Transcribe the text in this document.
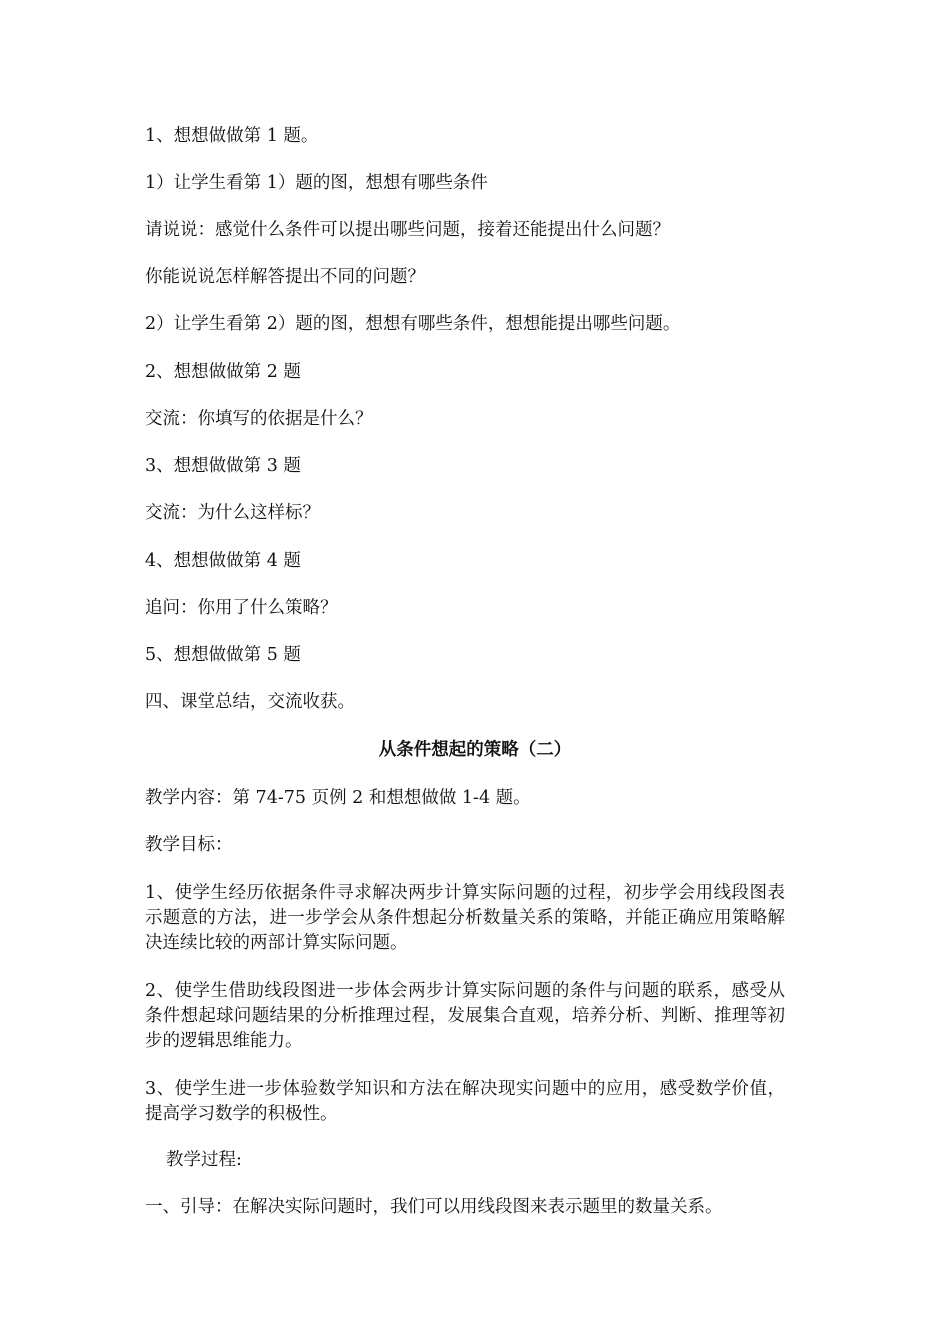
1、想想做做第 1 题。
1）让学生看第 1）题的图，想想有哪些条件
请说说：感觉什么条件可以提出哪些问题，接着还能提出什么问题？
你能说说怎样解答提出不同的问题？
2）让学生看第 2）题的图，想想有哪些条件，想想能提出哪些问题。
2、想想做做第 2 题
交流：你填写的依据是什么？
3、想想做做第 3 题
交流：为什么这样标？
4、想想做做第 4 题
追问：你用了什么策略？
5、想想做做第 5 题
四、课堂总结，交流收获。
从条件想起的策略（二）
教学内容：第 74-75 页例 2 和想想做做 1-4 题。
教学目标：
1、使学生经历依据条件寻求解决两步计算实际问题的过程，初步学会用线段图表示题意的方法，进一步学会从条件想起分析数量关系的策略，并能正确应用策略解决连续比较的两部计算实际问题。
2、使学生借助线段图进一步体会两步计算实际问题的条件与问题的联系，感受从条件想起球问题结果的分析推理过程，发展集合直观，培养分析、判断、推理等初步的逻辑思维能力。
3、使学生进一步体验数学知识和方法在解决现实问题中的应用，感受数学价值，提高学习数学的积极性。
教学过程:
一、引导：在解决实际问题时，我们可以用线段图来表示题里的数量关系。
